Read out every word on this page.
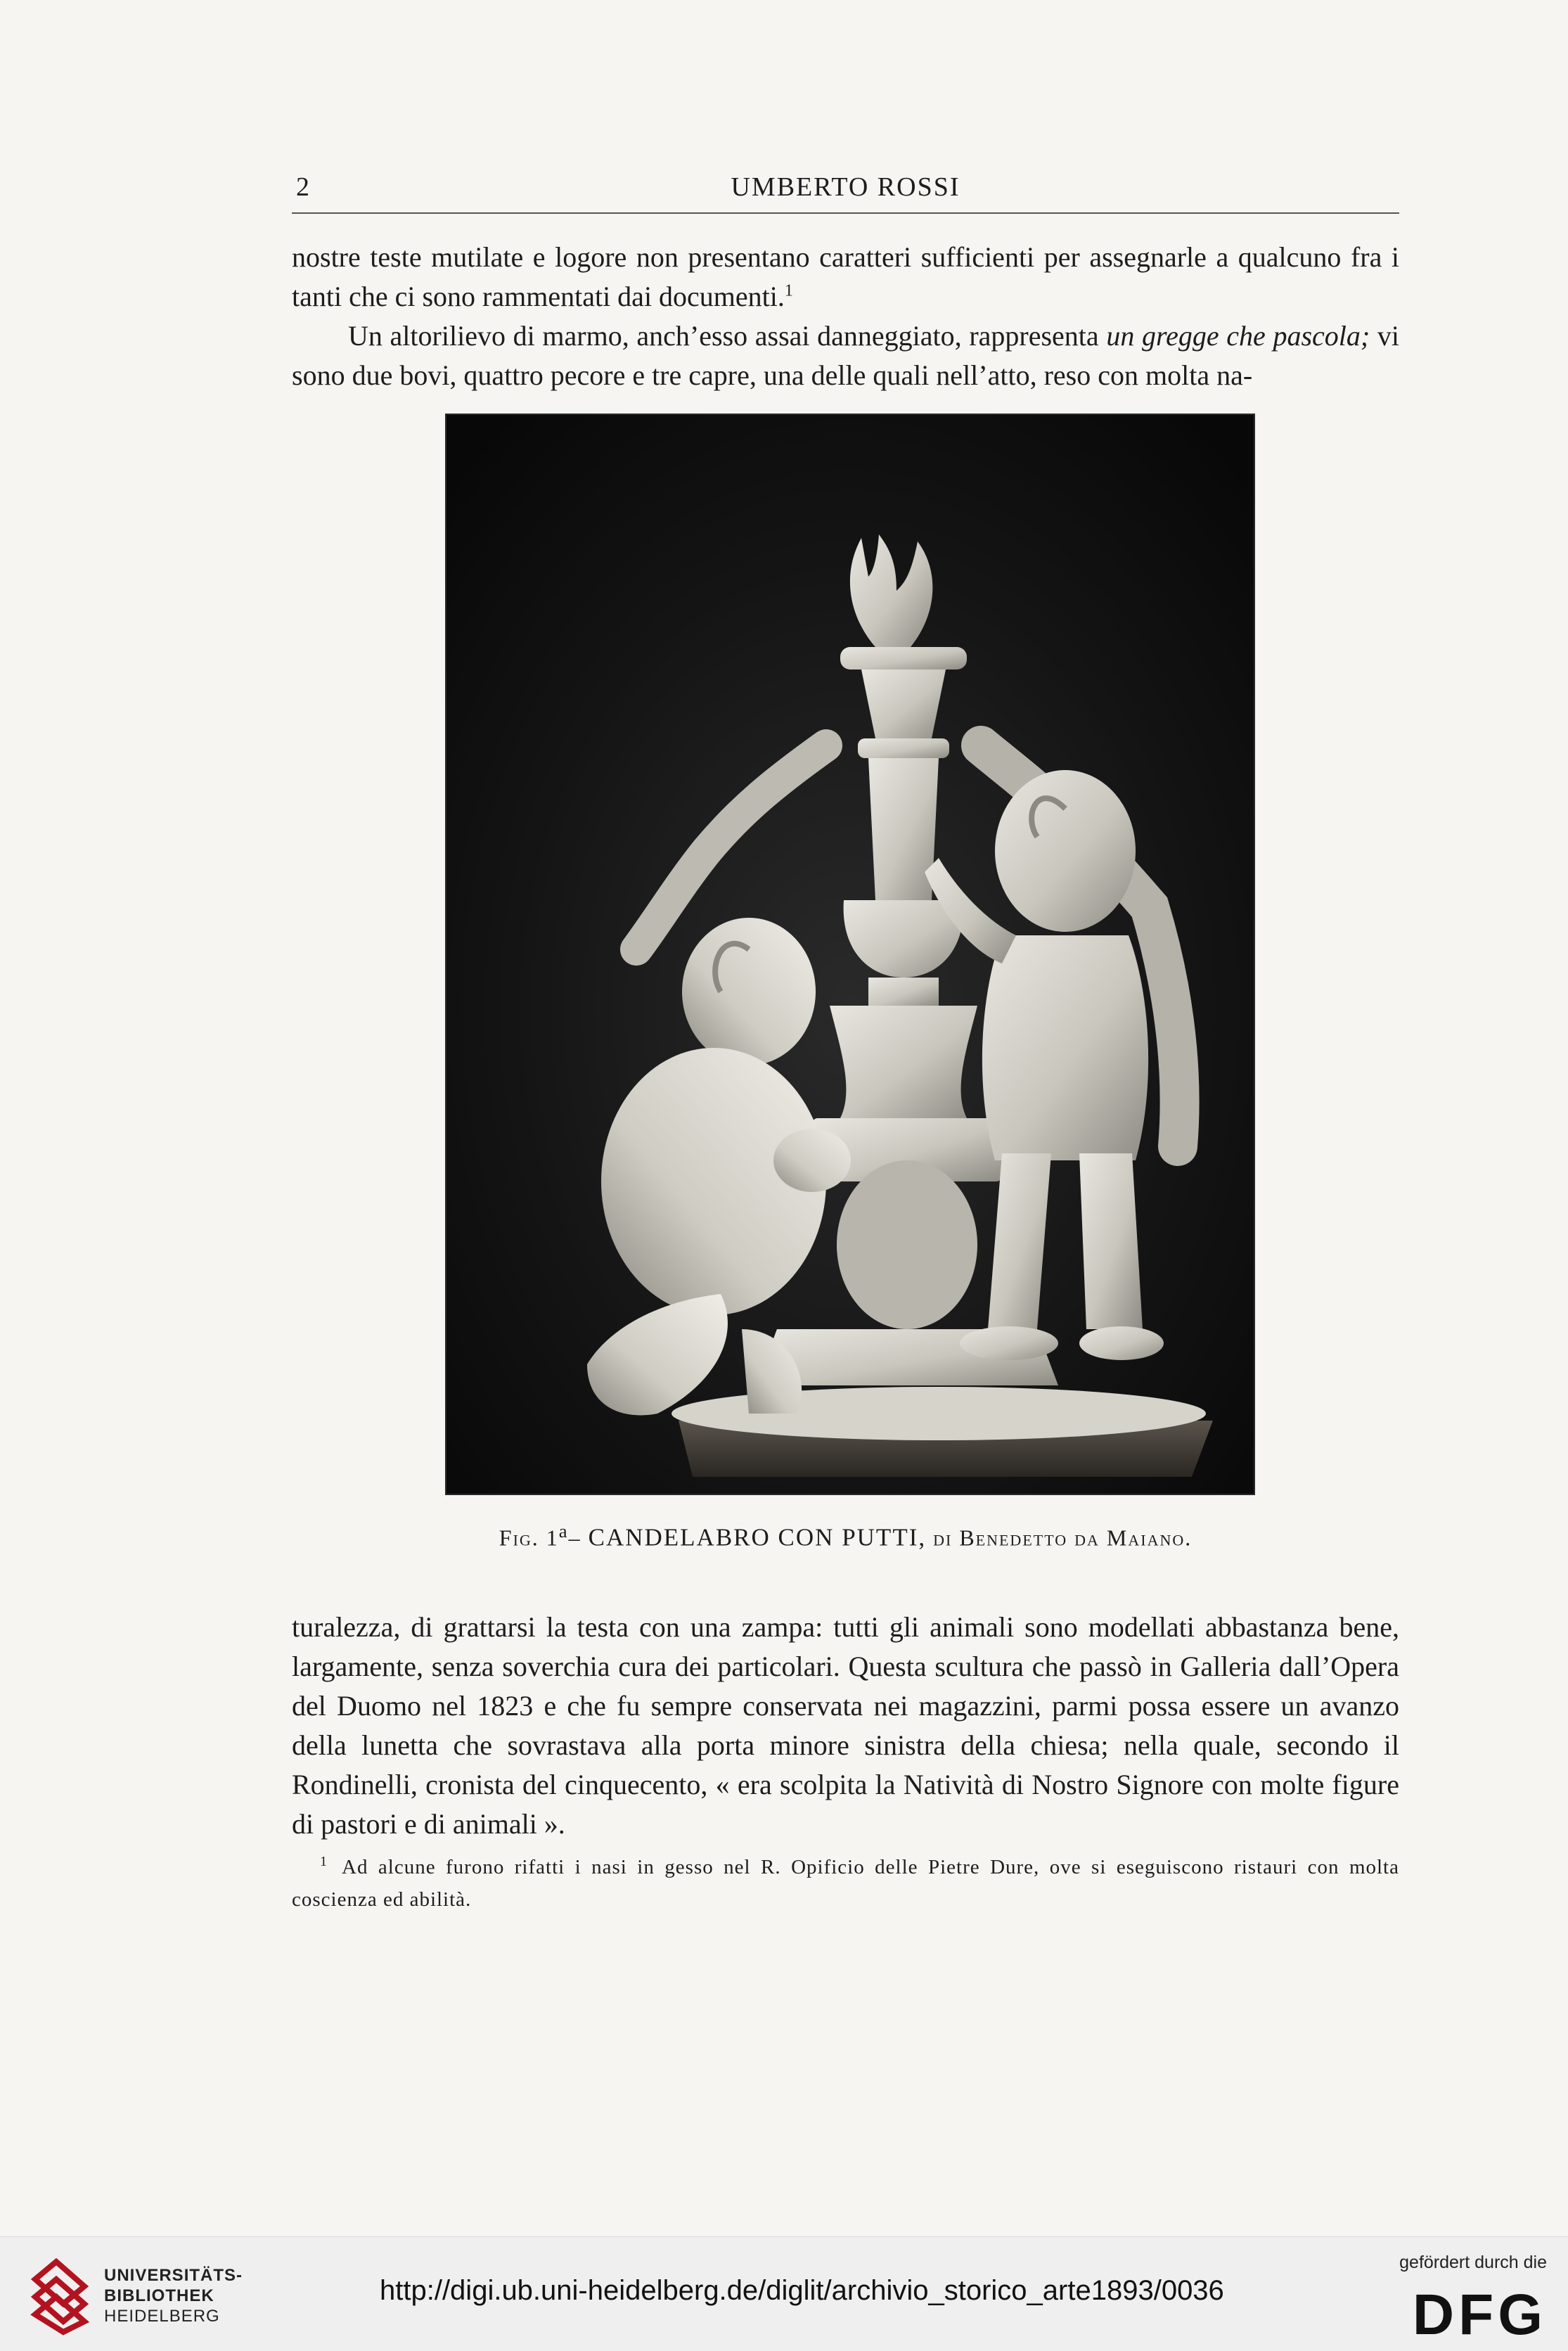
2	UMBERTO ROSSI

nostre teste mutilate e logore non presentano caratteri sufficienti per assegnarle a qualcuno fra i tanti che ci sono rammentati dai documenti.$^1$

Un altorilievo di marmo, anch’esso assai danneggiato, rappresenta un gregge che pascola; vi sono due bovi, quattro pecore e tre capre, una delle quali nell’atto, reso con molta na-

Fig. 1$^a$– CANDELABRO CON PUTTI, di Benedetto da Maiano.

turalezza, di grattarsi la testa con una zampa: tutti gli animali sono modellati abbastanza bene, largamente, senza soverchia cura dei particolari. Questa scultura che passò in Galleria dall’Opera del Duomo nel 1823 e che fu sempre conservata nei magazzini, parmi possa essere un avanzo della lunetta che sovrastava alla porta minore sinistra della chiesa; nella quale, secondo il Rondinelli, cronista del cinquecento, « era scolpita la Natività di Nostro Signore con molte figure di pastori e di animali ».

$^1$ Ad alcune furono rifatti i nasi in gesso nel R. Opificio delle Pietre Dure, ove si eseguiscono ristauri con molta coscienza ed abilità.
UNIVERSITÄTS-
BIBLIOTHEK
HEIDELBERG
http://digi.ub.uni-heidelberg.de/diglit/archivio_storico_arte1893/0036
gefördert durch die
DFG
